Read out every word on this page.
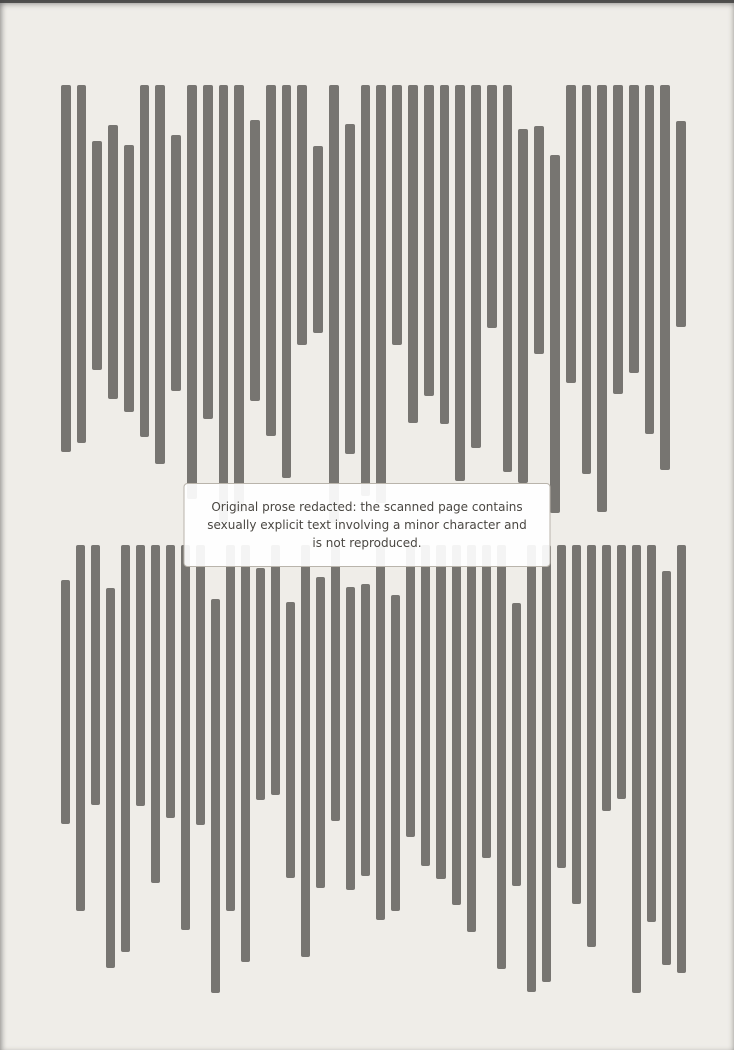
Original prose redacted: the scanned page contains sexually explicit text involving a minor character and is not reproduced.
